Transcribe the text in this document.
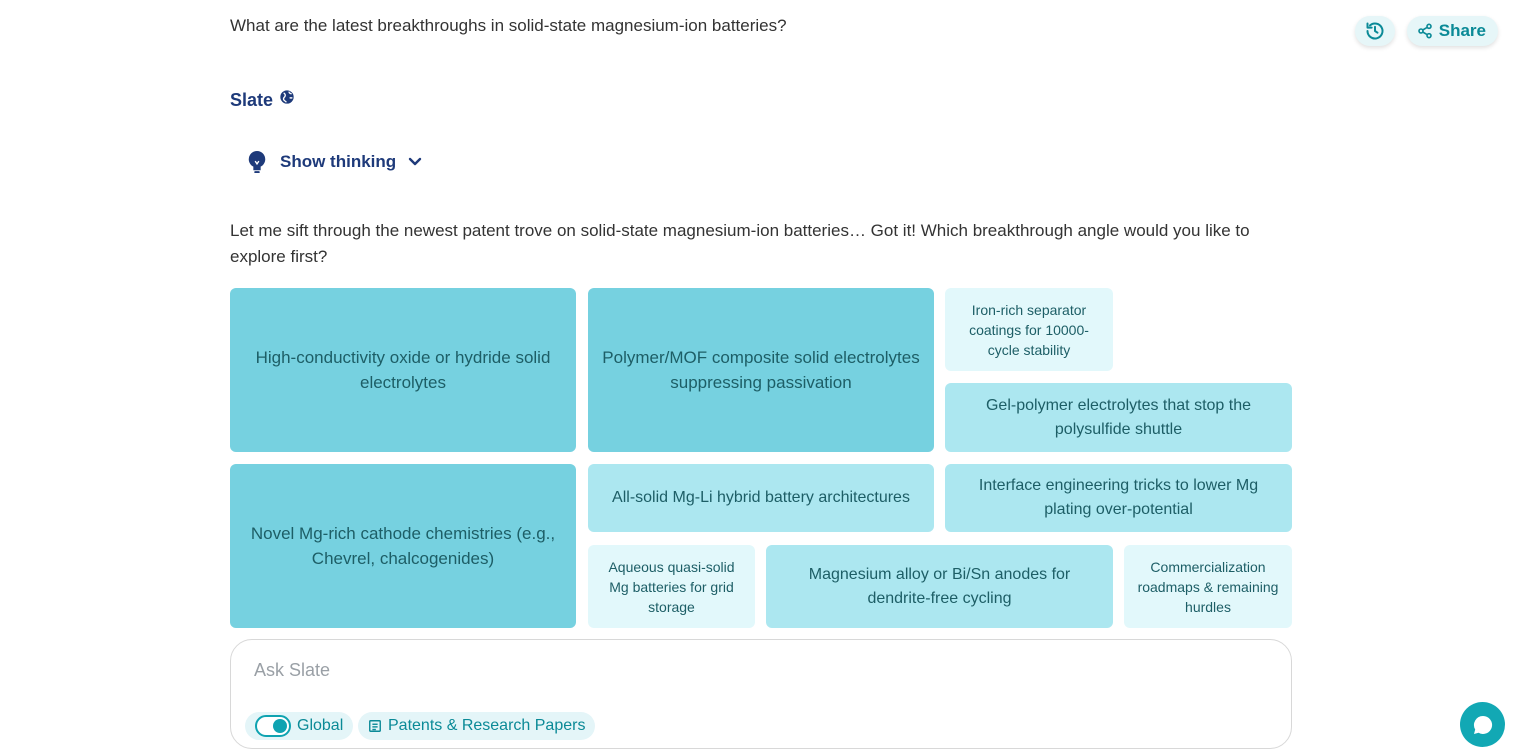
What are the latest breakthroughs in solid-state magnesium-ion batteries?	Share
Slate
Show thinking
Let me sift through the newest patent trove on solid-state magnesium-ion batteries… Got it! Which breakthrough angle would you like to explore first?
High-conductivity oxide or hydride solid electrolytes
Polymer/MOF composite solid electrolytes suppressing passivation
Iron-rich separator coatings for 10000-cycle stability
Gel-polymer electrolytes that stop the polysulfide shuttle
Novel Mg-rich cathode chemistries (e.g., Chevrel, chalcogenides)
All-solid Mg-Li hybrid battery architectures
Interface engineering tricks to lower Mg plating over-potential
Aqueous quasi-solid Mg batteries for grid storage
Magnesium alloy or Bi/Sn anodes for dendrite-free cycling
Commercialization roadmaps & remaining hurdles
Ask Slate
Global	Patents & Research Papers
